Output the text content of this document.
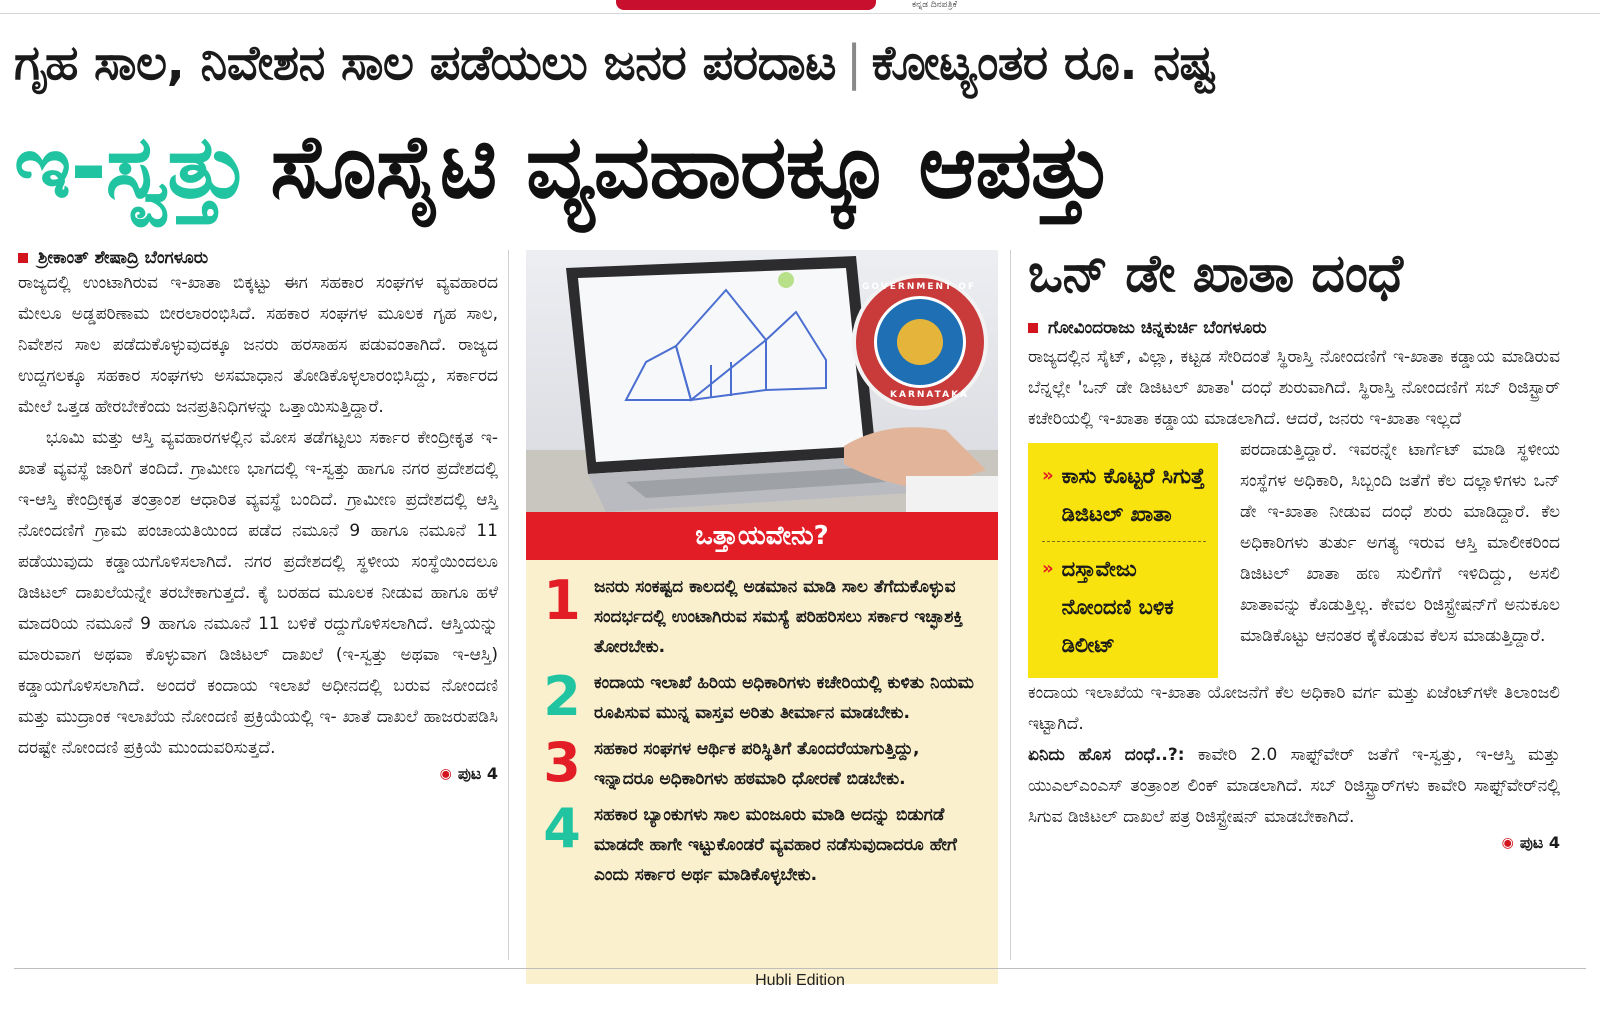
ಕನ್ನಡ ದಿನಪತ್ರಿಕೆ
ಗೃಹ ಸಾಲ, ನಿವೇಶನ ಸಾಲ ಪಡೆಯಲು ಜನರ ಪರದಾಟ | ಕೋಟ್ಯಂತರ ರೂ. ನಷ್ಟ
ಇ-ಸ್ವತ್ತು ಸೊಸೈಟಿ ವ್ಯವಹಾರಕ್ಕೂ ಆಪತ್ತು
ಶ್ರೀಕಾಂತ್ ಶೇಷಾದ್ರಿ ಬೆಂಗಳೂರು

ರಾಜ್ಯದಲ್ಲಿ ಉಂಟಾಗಿರುವ ಇ-ಖಾತಾ ಬಿಕ್ಕಟ್ಟು ಈಗ ಸಹಕಾರ ಸಂಘಗಳ ವ್ಯವಹಾರದ ಮೇಲೂ ಅಡ್ಡಪರಿಣಾಮ ಬೀರಲಾರಂಭಿಸಿದೆ. ಸಹಕಾರ ಸಂಘಗಳ ಮೂಲಕ ಗೃಹ ಸಾಲ, ನಿವೇಶನ ಸಾಲ ಪಡೆದುಕೊಳ್ಳುವುದಕ್ಕೂ ಜನರು ಹರಸಾಹಸ ಪಡುವಂತಾಗಿದೆ. ರಾಜ್ಯದ ಉದ್ದಗಲಕ್ಕೂ ಸಹಕಾರ ಸಂಘಗಳು ಅಸಮಾಧಾನ ತೋಡಿಕೊಳ್ಳಲಾರಂಭಿಸಿದ್ದು, ಸರ್ಕಾರದ ಮೇಲೆ ಒತ್ತಡ ಹೇರಬೇಕೆಂದು ಜನಪ್ರತಿನಿಧಿಗಳನ್ನು ಒತ್ತಾಯಿಸುತ್ತಿದ್ದಾರೆ.

ಭೂಮಿ ಮತ್ತು ಆಸ್ತಿ ವ್ಯವಹಾರಗಳಲ್ಲಿನ ಮೋಸ ತಡೆಗಟ್ಟಲು ಸರ್ಕಾರ ಕೇಂದ್ರೀಕೃತ ಇ-ಖಾತೆ ವ್ಯವಸ್ಥೆ ಜಾರಿಗೆ ತಂದಿದೆ. ಗ್ರಾಮೀಣ ಭಾಗದಲ್ಲಿ ಇ-ಸ್ವತ್ತು ಹಾಗೂ ನಗರ ಪ್ರದೇಶದಲ್ಲಿ ಇ-ಆಸ್ತಿ ಕೇಂದ್ರೀಕೃತ ತಂತ್ರಾಂಶ ಆಧಾರಿತ ವ್ಯವಸ್ಥೆ ಬಂದಿದೆ. ಗ್ರಾಮೀಣ ಪ್ರದೇಶದಲ್ಲಿ ಆಸ್ತಿ ನೋಂದಣಿಗೆ ಗ್ರಾಮ ಪಂಚಾಯತಿಯಿಂದ ಪಡೆದ ನಮೂನೆ 9 ಹಾಗೂ ನಮೂನೆ 11 ಪಡೆಯುವುದು ಕಡ್ಡಾಯಗೊಳಿಸಲಾಗಿದೆ. ನಗರ ಪ್ರದೇಶದಲ್ಲಿ ಸ್ಥಳೀಯ ಸಂಸ್ಥೆಯಿಂದಲೂ ಡಿಜಿಟಲ್ ದಾಖಲೆಯನ್ನೇ ತರಬೇಕಾಗುತ್ತದೆ. ಕೈ ಬರಹದ ಮೂಲಕ ನೀಡುವ ಹಾಗೂ ಹಳೆ ಮಾದರಿಯ ನಮೂನೆ 9 ಹಾಗೂ ನಮೂನೆ 11 ಬಳಿಕೆ ರದ್ದುಗೊಳಿಸಲಾಗಿದೆ. ಆಸ್ತಿಯನ್ನು ಮಾರುವಾಗ ಅಥವಾ ಕೊಳ್ಳುವಾಗ ಡಿಜಿಟಲ್ ದಾಖಲೆ (ಇ-ಸ್ವತ್ತು ಅಥವಾ ಇ-ಆಸ್ತಿ) ಕಡ್ಡಾಯಗೊಳಿಸಲಾಗಿದೆ. ಅಂದರೆ ಕಂದಾಯ ಇಲಾಖೆ ಅಧೀನದಲ್ಲಿ ಬರುವ ನೋಂದಣಿ ಮತ್ತು ಮುದ್ರಾಂಕ ಇಲಾಖೆಯ ನೋಂದಣಿ ಪ್ರಕ್ರಿಯೆಯಲ್ಲಿ ಇ- ಖಾತೆ ದಾಖಲೆ ಹಾಜರುಪಡಿಸಿ ದರಷ್ಟೇ ನೋಂದಣಿ ಪ್ರಕ್ರಿಯೆ ಮುಂದುವರಿಸುತ್ತದೆ.

◉ ಪುಟ 4
GOVERNMENT OF
KARNATAKA
ಒತ್ತಾಯವೇನು?
1 ಜನರು ಸಂಕಷ್ಟದ ಕಾಲದಲ್ಲಿ ಅಡಮಾನ ಮಾಡಿ ಸಾಲ ತೆಗೆದುಕೊಳ್ಳುವ ಸಂದರ್ಭದಲ್ಲಿ ಉಂಟಾಗಿರುವ ಸಮಸ್ಯೆ ಪರಿಹರಿಸಲು ಸರ್ಕಾರ ಇಚ್ಛಾಶಕ್ತಿ ತೋರಬೇಕು.
2 ಕಂದಾಯ ಇಲಾಖೆ ಹಿರಿಯ ಅಧಿಕಾರಿಗಳು ಕಚೇರಿಯಲ್ಲಿ ಕುಳಿತು ನಿಯಮ ರೂಪಿಸುವ ಮುನ್ನ ವಾಸ್ತವ ಅರಿತು ತೀರ್ಮಾನ ಮಾಡಬೇಕು.
3 ಸಹಕಾರ ಸಂಘಗಳ ಆರ್ಥಿಕ ಪರಿಸ್ಥಿತಿಗೆ ತೊಂದರೆಯಾಗುತ್ತಿದ್ದು, ಇನ್ನಾದರೂ ಅಧಿಕಾರಿಗಳು ಹಠಮಾರಿ ಧೋರಣೆ ಬಿಡಬೇಕು.
4 ಸಹಕಾರ ಬ್ಯಾಂಕುಗಳು ಸಾಲ ಮಂಜೂರು ಮಾಡಿ ಅದನ್ನು ಬಿಡುಗಡೆ ಮಾಡದೇ ಹಾಗೇ ಇಟ್ಟುಕೊಂಡರೆ ವ್ಯವಹಾರ ನಡೆಸುವುದಾದರೂ ಹೇಗೆ ಎಂದು ಸರ್ಕಾರ ಅರ್ಥ ಮಾಡಿಕೊಳ್ಳಬೇಕು.
ಒನ್ ಡೇ ಖಾತಾ ದಂಧೆ
ಗೋವಿಂದರಾಜು ಚಿನ್ನಕುರ್ಚಿ ಬೆಂಗಳೂರು

ರಾಜ್ಯದಲ್ಲಿನ ಸೈಟ್, ವಿಲ್ಲಾ, ಕಟ್ಟಡ ಸೇರಿದಂತೆ ಸ್ಥಿರಾಸ್ತಿ ನೋಂದಣಿಗೆ ಇ-ಖಾತಾ ಕಡ್ಡಾಯ ಮಾಡಿರುವ ಬೆನ್ನಲ್ಲೇ 'ಒನ್ ಡೇ ಡಿಜಿಟಲ್ ಖಾತಾ' ದಂಧೆ ಶುರುವಾಗಿದೆ. ಸ್ಥಿರಾಸ್ತಿ ನೋಂದಣಿಗೆ ಸಬ್ ರಿಜಿಸ್ಟ್ರಾರ್ ಕಚೇರಿಯಲ್ಲಿ ಇ-ಖಾತಾ ಕಡ್ಡಾಯ ಮಾಡಲಾಗಿದೆ. ಆದರೆ, ಜನರು ಇ-ಖಾತಾ ಇಲ್ಲದೆ

» ಕಾಸು ಕೊಟ್ಟರೆ ಸಿಗುತ್ತೆ ಡಿಜಿಟಲ್ ಖಾತಾ
» ದಸ್ತಾವೇಜು ನೋಂದಣಿ ಬಳಿಕ ಡಿಲೀಟ್

ಪರದಾಡುತ್ತಿದ್ದಾರೆ. ಇವರನ್ನೇ ಟಾರ್ಗೆಟ್ ಮಾಡಿ ಸ್ಥಳೀಯ ಸಂಸ್ಥೆಗಳ ಅಧಿಕಾರಿ, ಸಿಬ್ಬಂದಿ ಜತೆಗೆ ಕೆಲ ದಲ್ಲಾಳಿಗಳು ಒನ್ ಡೇ ಇ-ಖಾತಾ ನೀಡುವ ದಂಧೆ ಶುರು ಮಾಡಿದ್ದಾರೆ. ಕೆಲ ಅಧಿಕಾರಿಗಳು ತುರ್ತು ಅಗತ್ಯ ಇರುವ ಆಸ್ತಿ ಮಾಲೀಕರಿಂದ ಡಿಜಿಟಲ್ ಖಾತಾ ಹಣ ಸುಲಿಗೆಗೆ ಇಳಿದಿದ್ದು, ಅಸಲಿ ಖಾತಾವನ್ನು ಕೊಡುತ್ತಿಲ್ಲ. ಕೇವಲ ರಿಜಿಸ್ಟ್ರೇಷನ್‌ಗೆ ಅನುಕೂಲ ಮಾಡಿಕೊಟ್ಟು ಆನಂತರ ಕೈಕೊಡುವ ಕೆಲಸ ಮಾಡುತ್ತಿದ್ದಾರೆ.

ಕಂದಾಯ ಇಲಾಖೆಯ ಇ-ಖಾತಾ ಯೋಜನೆಗೆ ಕೆಲ ಅಧಿಕಾರಿ ವರ್ಗ ಮತ್ತು ಏಜೆಂಟ್‌ಗಳೇ ತಿಲಾಂಜಲಿ ಇಟ್ಟಾಗಿದೆ.

ಏನಿದು ಹೊಸ ದಂಧೆ..?: ಕಾವೇರಿ 2.0 ಸಾಫ್ಟ್‌ವೇರ್ ಜತೆಗೆ ಇ-ಸ್ವತ್ತು, ಇ-ಆಸ್ತಿ ಮತ್ತು ಯುಎಲ್‌ಎಂಎಸ್ ತಂತ್ರಾಂಶ ಲಿಂಕ್ ಮಾಡಲಾಗಿದೆ. ಸಬ್ ರಿಜಿಸ್ಟ್ರಾರ್‌ಗಳು ಕಾವೇರಿ ಸಾಫ್ಟ್‌ವೇರ್‌ನಲ್ಲಿ ಸಿಗುವ ಡಿಜಿಟಲ್ ದಾಖಲೆ ಪತ್ರ ರಿಜಿಸ್ಟ್ರೇಷನ್ ಮಾಡಬೇಕಾಗಿದೆ.

◉ ಪುಟ 4
Hubli Edition
